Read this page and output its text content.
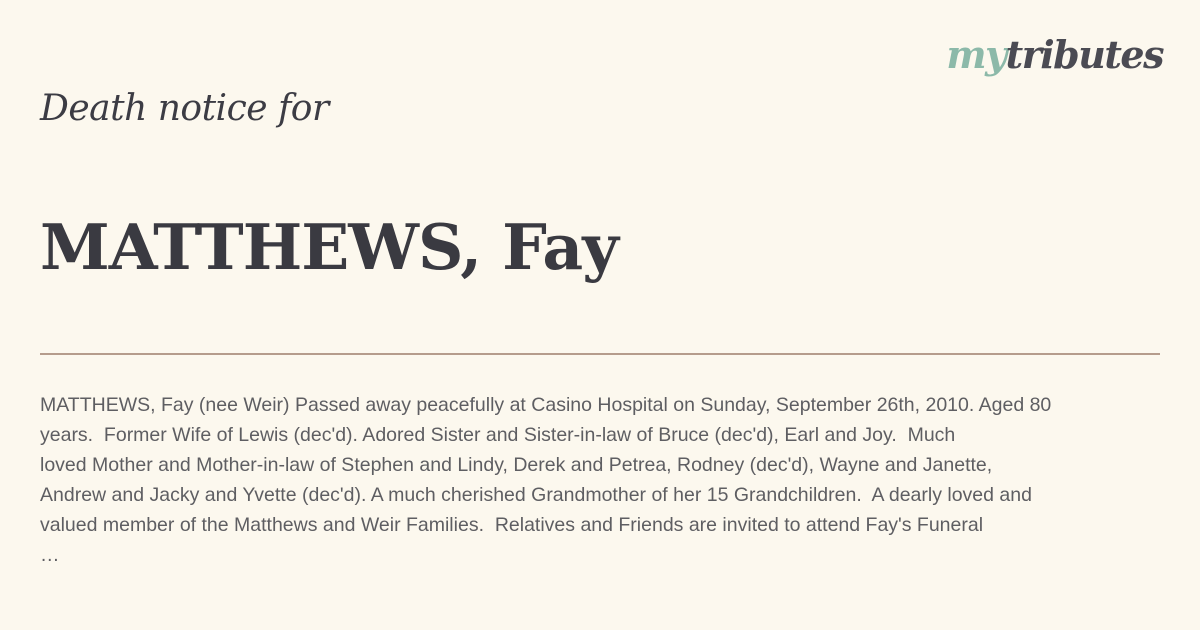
mytributes
Death notice for
MATTHEWS, Fay
MATTHEWS, Fay (nee Weir) Passed away peacefully at Casino Hospital on Sunday, September 26th, 2010. Aged 80
years.  Former Wife of Lewis (dec'd). Adored Sister and Sister-in-law of Bruce (dec'd), Earl and Joy.  Much
loved Mother and Mother-in-law of Stephen and Lindy, Derek and Petrea, Rodney (dec'd), Wayne and Janette,
Andrew and Jacky and Yvette (dec'd). A much cherished Grandmother of her 15 Grandchildren.  A dearly loved and
valued member of the Matthews and Weir Families.  Relatives and Friends are invited to attend Fay's Funeral
…
